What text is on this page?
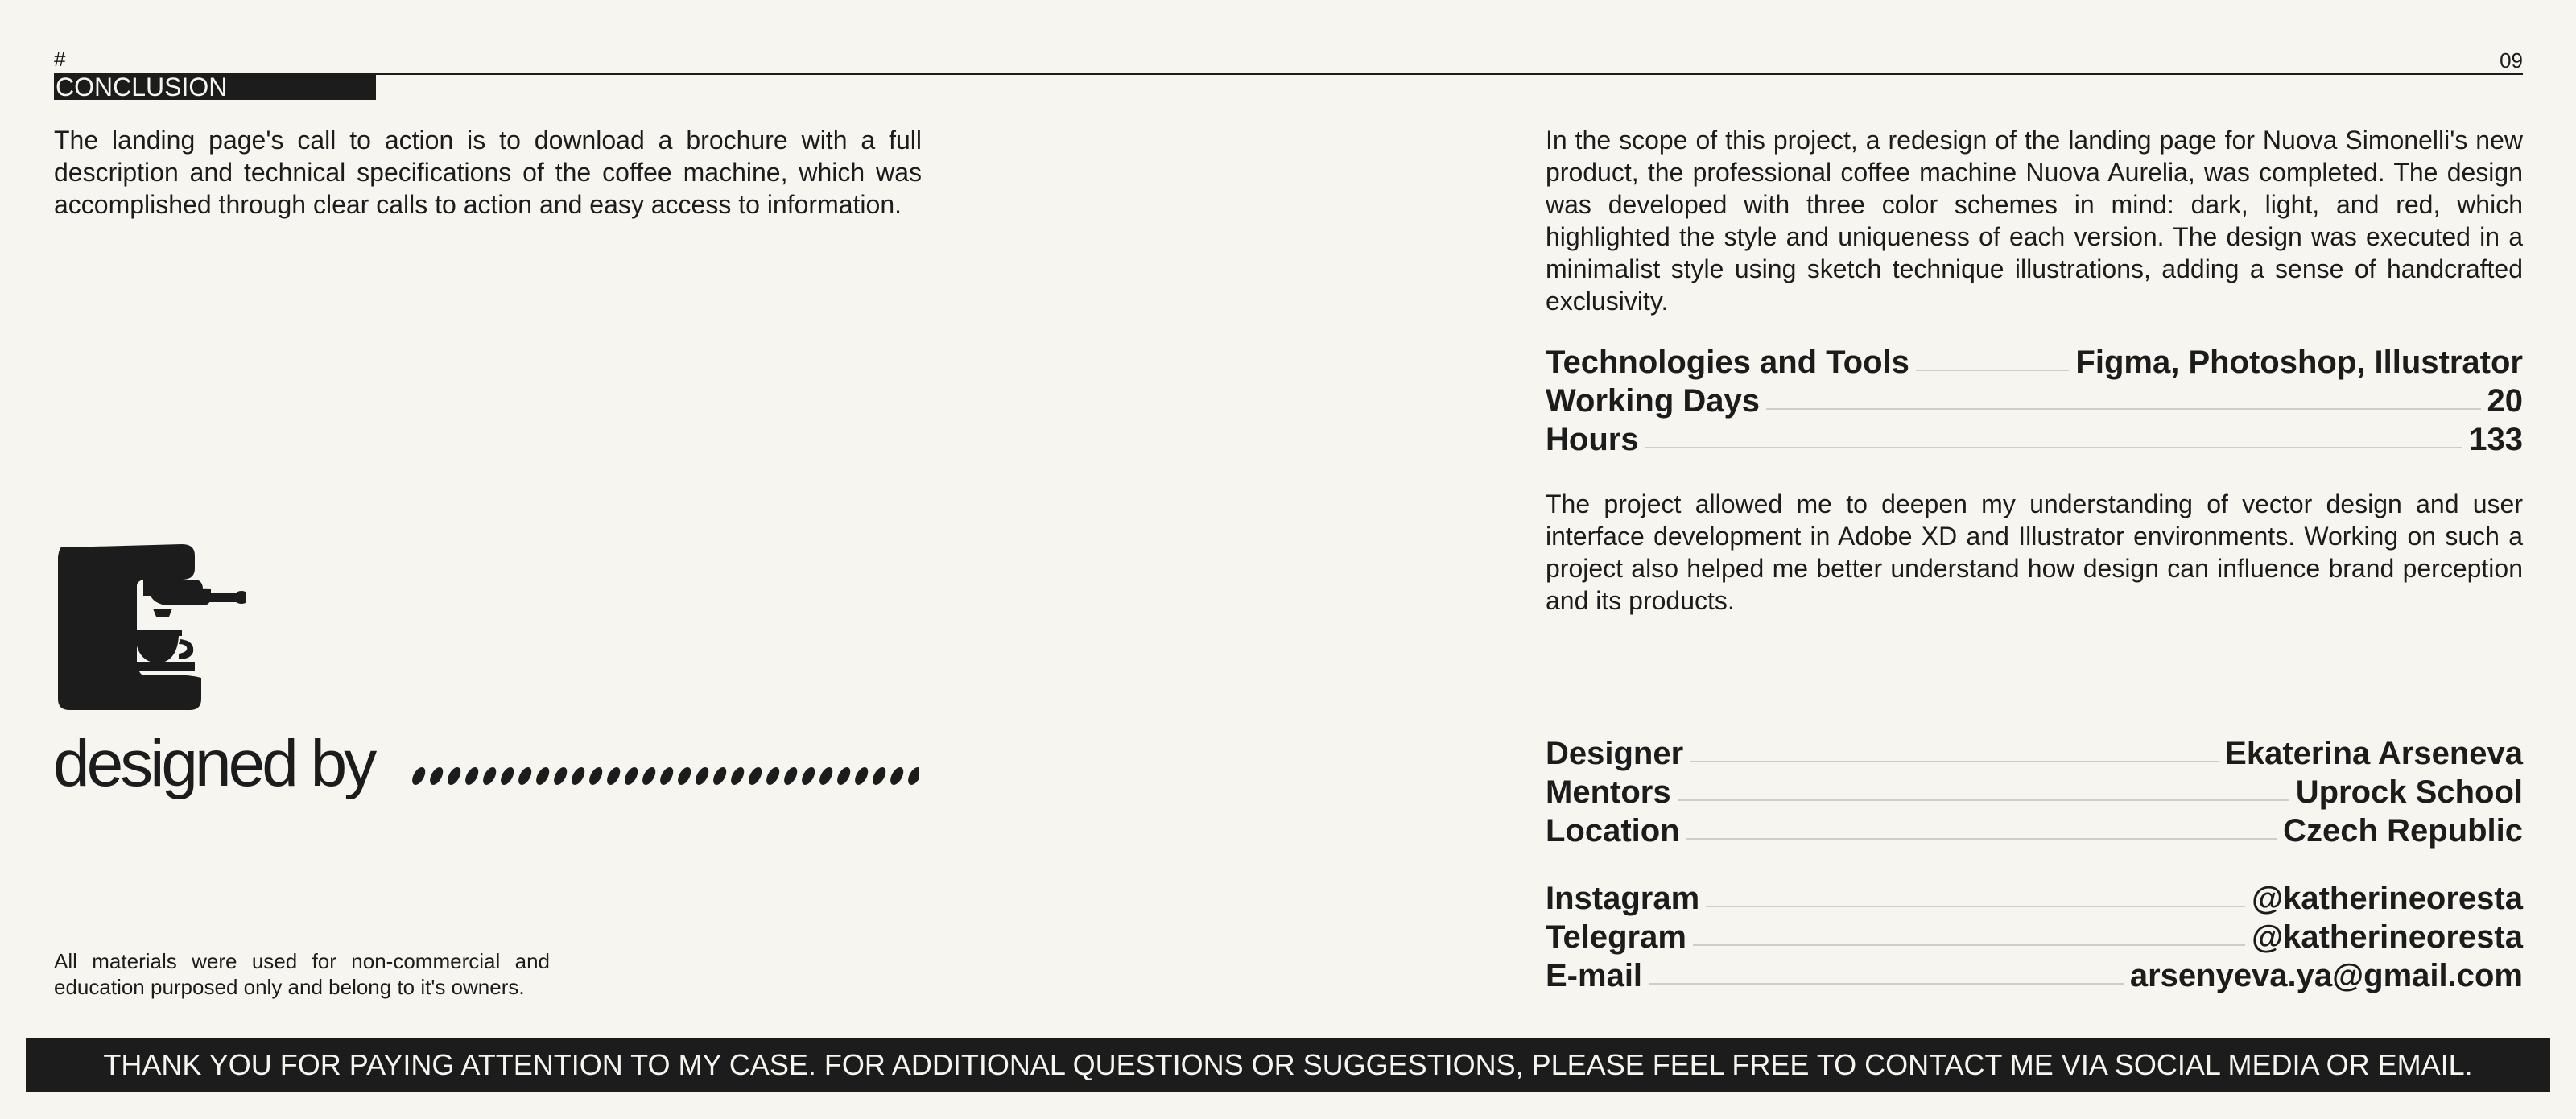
#	09
CONCLUSION

The landing page's call to action is to download a brochure with a full description and technical specifications of the coffee machine, which was accomplished through clear calls to action and easy access to information.

designed by

All materials were used for non-commercial and education purposed only and belong to it's owners.

In the scope of this project, a redesign of the landing page for Nuova Simonelli's new product, the professional coffee machine Nuova Aurelia, was completed. The design was developed with three color schemes in mind: dark, light, and red, which highlighted the style and uniqueness of each version. The design was executed in a minimalist style using sketch technique illustrations, adding a sense of handcrafted exclusivity.

Technologies and Tools	Figma, Photoshop, Illustrator
Working Days	20
Hours	133

The project allowed me to deepen my understanding of vector design and user interface development in Adobe XD and Illustrator environments. Working on such a project also helped me better understand how design can influence brand perception and its products.

Designer	Ekaterina Arseneva
Mentors	Uprock School
Location	Czech Republic
Instagram	@katherineoresta
Telegram	@katherineoresta
E-mail	arsenyeva.ya@gmail.com
THANK YOU FOR PAYING ATTENTION TO MY CASE. FOR ADDITIONAL QUESTIONS OR SUGGESTIONS, PLEASE FEEL FREE TO CONTACT ME VIA SOCIAL MEDIA OR EMAIL.
